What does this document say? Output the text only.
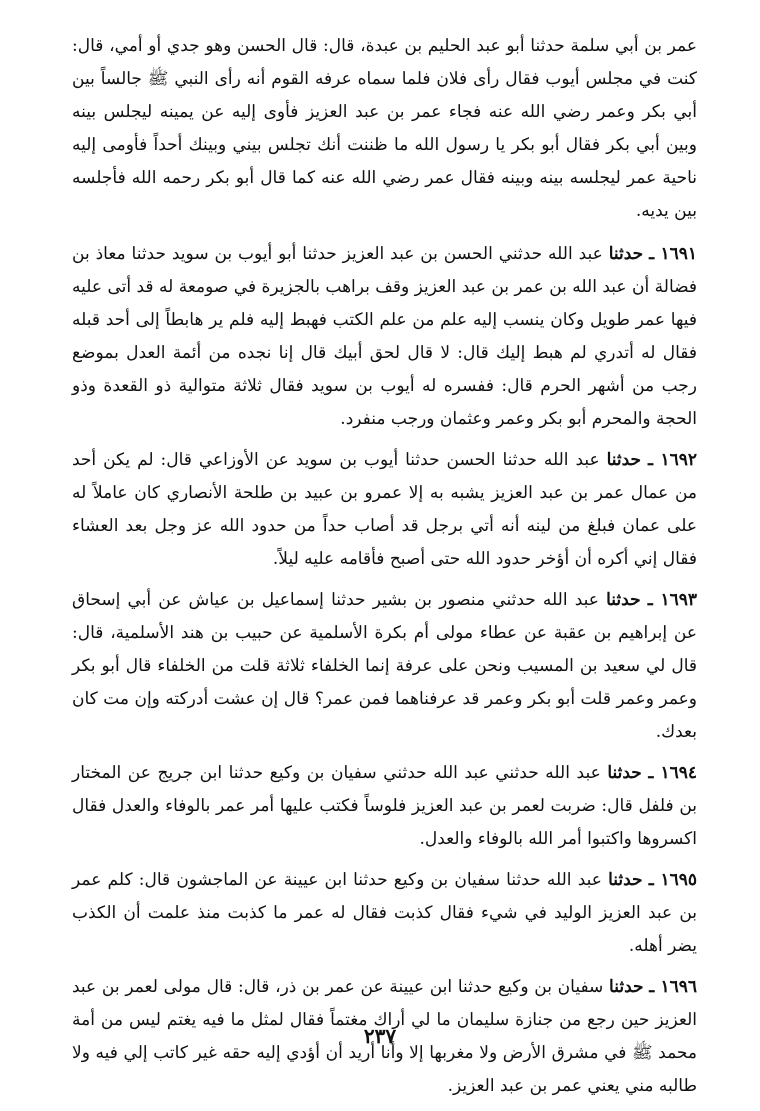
عمر بن أبي سلمة حدثنا أبو عبد الحليم بن عبدة، قال: قال الحسن وهو جدي أو أمي، قال: كنت في مجلس أيوب فقال رأى فلان فلما سماه عرفه القوم أنه رأى النبي ﷺ جالساً بين أبي بكر وعمر رضي الله عنه فجاء عمر بن عبد العزيز فأوى إليه عن يمينه ليجلس بينه وبين أبي بكر فقال أبو بكر يا رسول الله ما ظننت أنك تجلس بيني وبينك أحداً فأومى إليه ناحية عمر ليجلسه بينه وبينه فقال عمر رضي الله عنه كما قال أبو بكر رحمه الله فأجلسه بين يديه.

١٦٩١ ـ حدثنا عبد الله حدثني الحسن بن عبد العزيز حدثنا أبو أيوب بن سويد حدثنا معاذ بن فضالة أن عبد الله بن عمر بن عبد العزيز وقف براهب بالجزيرة في صومعة له قد أتى عليه فيها عمر طويل وكان ينسب إليه علم من علم الكتب فهبط إليه فلم ير هابطاً إلى أحد قبله فقال له أتدري لم هبط إليك قال: لا قال لحق أبيك قال إنا نجده من أئمة العدل بموضع رجب من أشهر الحرم قال: ففسره له أيوب بن سويد فقال ثلاثة متوالية ذو القعدة وذو الحجة والمحرم أبو بكر وعمر وعثمان ورجب منفرد.

١٦٩٢ ـ حدثنا عبد الله حدثنا الحسن حدثنا أيوب بن سويد عن الأوزاعي قال: لم يكن أحد من عمال عمر بن عبد العزيز يشبه به إلا عمرو بن عبيد بن طلحة الأنصاري كان عاملاً له على عمان فبلغ من لينه أنه أتي برجل قد أصاب حداً من حدود الله عز وجل بعد العشاء فقال إني أكره أن أؤخر حدود الله حتى أصبح فأقامه عليه ليلاً.

١٦٩٣ ـ حدثنا عبد الله حدثني منصور بن بشير حدثنا إسماعيل بن عياش عن أبي إسحاق عن إبراهيم بن عقبة عن عطاء مولى أم بكرة الأسلمية عن حبيب بن هند الأسلمية، قال: قال لي سعيد بن المسيب ونحن على عرفة إنما الخلفاء ثلاثة قلت من الخلفاء قال أبو بكر وعمر وعمر قلت أبو بكر وعمر قد عرفناهما فمن عمر؟ قال إن عشت أدركته وإن مت كان بعدك.

١٦٩٤ ـ حدثنا عبد الله حدثني عبد الله حدثني سفيان بن وكيع حدثنا ابن جريج عن المختار بن فلفل قال: ضربت لعمر بن عبد العزيز فلوساً فكتب عليها أمر عمر بالوفاء والعدل فقال اكسروها واكتبوا أمر الله بالوفاء والعدل.

١٦٩٥ ـ حدثنا عبد الله حدثنا سفيان بن وكيع حدثنا ابن عيينة عن الماجشون قال: كلم عمر بن عبد العزيز الوليد في شيء فقال كذبت فقال له عمر ما كذبت منذ علمت أن الكذب يضر أهله.

١٦٩٦ ـ حدثنا سفيان بن وكيع حدثنا ابن عيينة عن عمر بن ذر، قال: قال مولى لعمر بن عبد العزيز حين رجع من جنازة سليمان ما لي أراك مغتماً فقال لمثل ما فيه يغتم ليس من أمة محمد ﷺ في مشرق الأرض ولا مغربها إلا وأنا أريد أن أؤدي إليه حقه غير كاتب إلي فيه ولا طالبه مني يعني عمر بن عبد العزيز.

٢٣٧
